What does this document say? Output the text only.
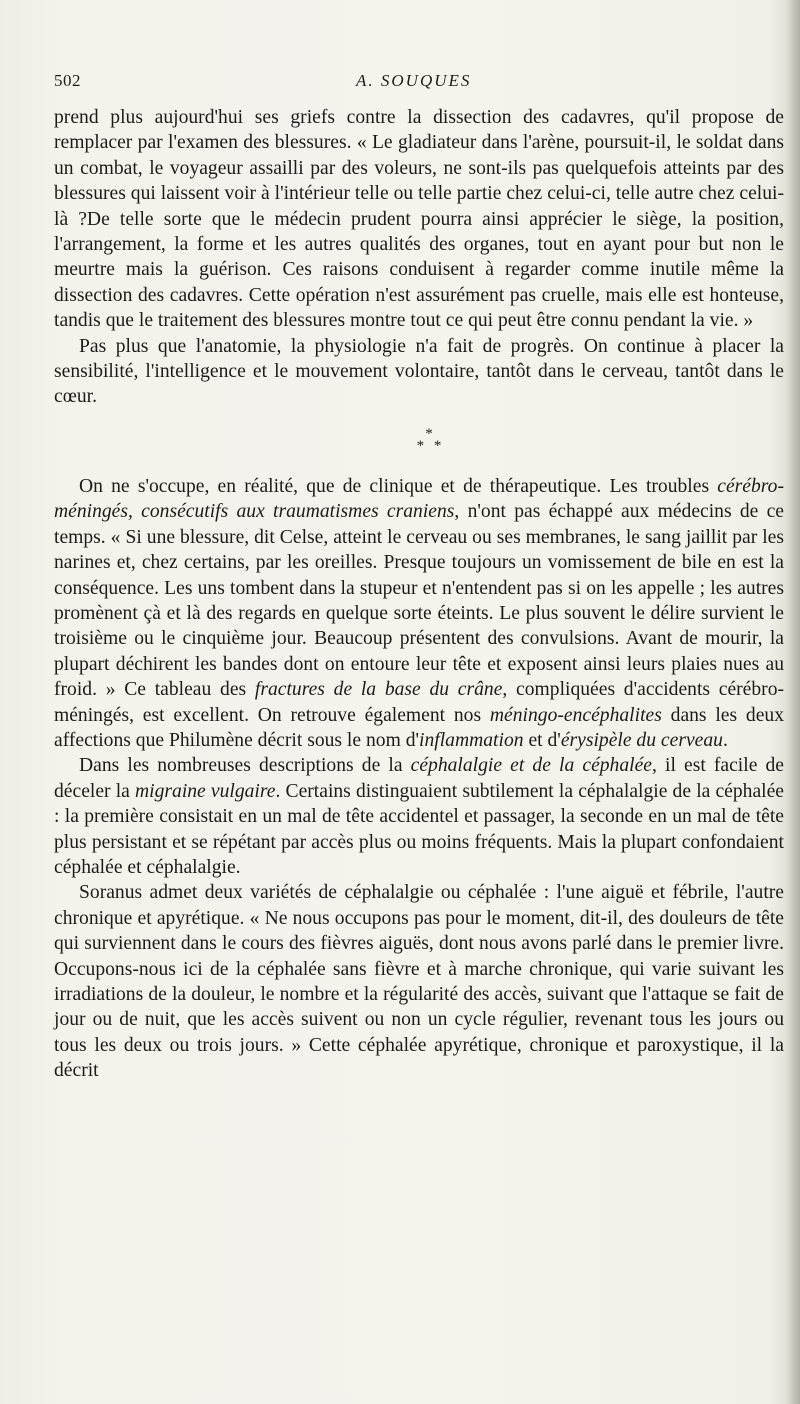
502	A. SOUQUES

prend plus aujourd'hui ses griefs contre la dissection des cadavres, qu'il propose de remplacer par l'examen des blessures. « Le gladiateur dans l'arène, poursuit-il, le soldat dans un combat, le voyageur assailli par des voleurs, ne sont-ils pas quelquefois atteints par des blessures qui laissent voir à l'intérieur telle ou telle partie chez celui-ci, telle autre chez celui-là ?De telle sorte que le médecin prudent pourra ainsi apprécier le siège, la position, l'arrangement, la forme et les autres qualités des organes, tout en ayant pour but non le meurtre mais la guérison. Ces raisons conduisent à regarder comme inutile même la dissection des cadavres. Cette opération n'est assurément pas cruelle, mais elle est honteuse, tandis que le traitement des blessures montre tout ce qui peut être connu pendant la vie. »

Pas plus que l'anatomie, la physiologie n'a fait de progrès. On continue à placer la sensibilité, l'intelligence et le mouvement volontaire, tantôt dans le cerveau, tantôt dans le cœur.

*
* *

On ne s'occupe, en réalité, que de clinique et de thérapeutique. Les troubles cérébro-méningés, consécutifs aux traumatismes craniens, n'ont pas échappé aux médecins de ce temps. « Si une blessure, dit Celse, atteint le cerveau ou ses membranes, le sang jaillit par les narines et, chez certains, par les oreilles. Presque toujours un vomissement de bile en est la conséquence. Les uns tombent dans la stupeur et n'entendent pas si on les appelle ; les autres promènent çà et là des regards en quelque sorte éteints. Le plus souvent le délire survient le troisième ou le cinquième jour. Beaucoup présentent des convulsions. Avant de mourir, la plupart déchirent les bandes dont on entoure leur tête et exposent ainsi leurs plaies nues au froid. » Ce tableau des fractures de la base du crâne, compliquées d'accidents cérébro-méningés, est excellent. On retrouve également nos méningo-encéphalites dans les deux affections que Philumène décrit sous le nom d'inflammation et d'érysipèle du cerveau.

Dans les nombreuses descriptions de la céphalalgie et de la céphalée, il est facile de déceler la migraine vulgaire. Certains distinguaient subtilement la céphalalgie de la céphalée : la première consistait en un mal de tête accidentel et passager, la seconde en un mal de tête plus persistant et se répétant par accès plus ou moins fréquents. Mais la plupart confondaient céphalée et céphalalgie.

Soranus admet deux variétés de céphalalgie ou céphalée : l'une aiguë et fébrile, l'autre chronique et apyrétique. « Ne nous occupons pas pour le moment, dit-il, des douleurs de tête qui surviennent dans le cours des fièvres aiguës, dont nous avons parlé dans le premier livre. Occupons-nous ici de la céphalée sans fièvre et à marche chronique, qui varie suivant les irradiations de la douleur, le nombre et la régularité des accès, suivant que l'attaque se fait de jour ou de nuit, que les accès suivent ou non un cycle régulier, revenant tous les jours ou tous les deux ou trois jours. » Cette céphalée apyrétique, chronique et paroxystique, il la décrit
